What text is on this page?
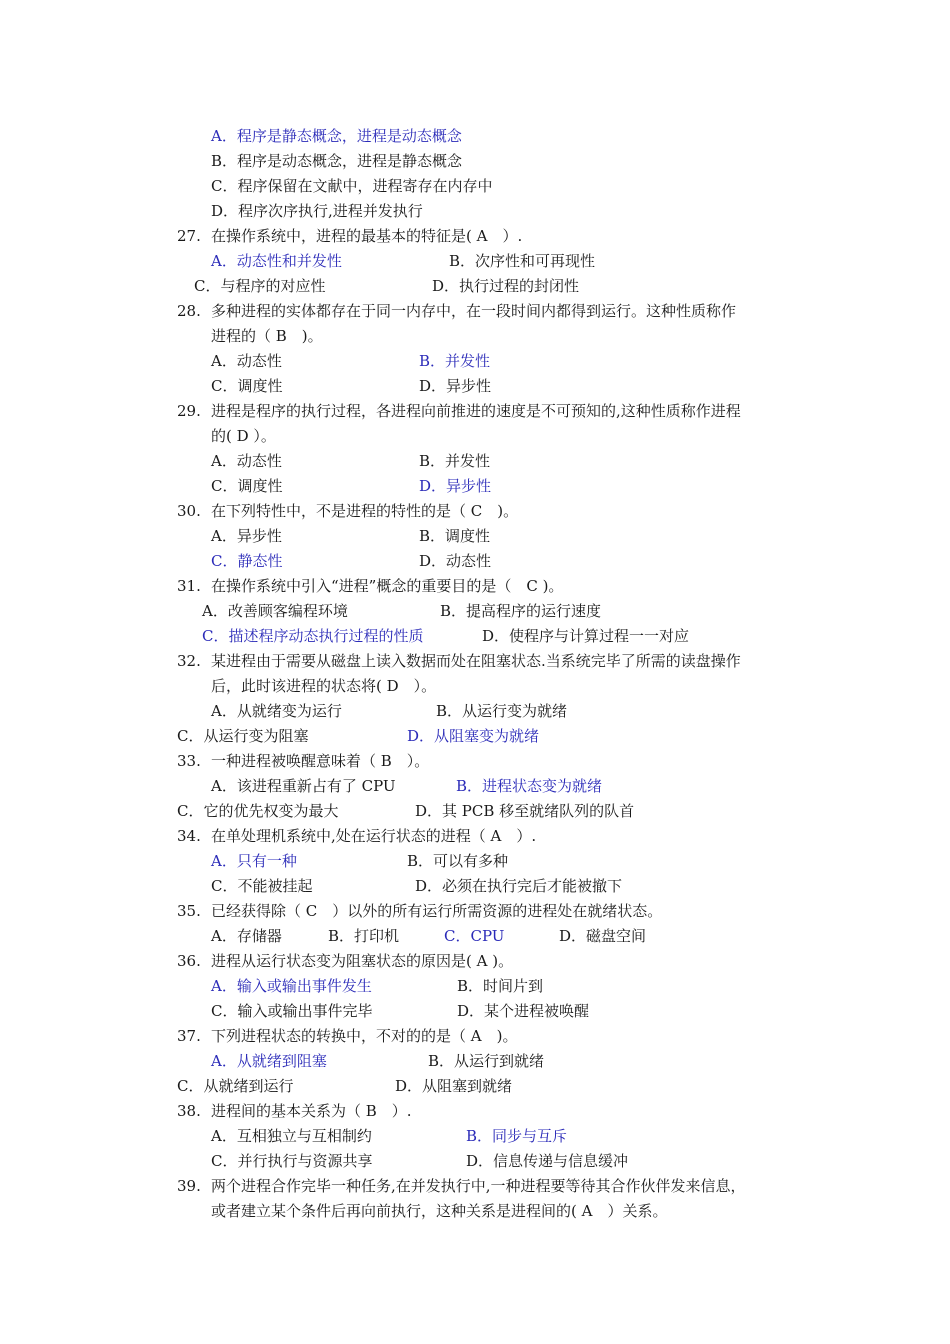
A．程序是静态概念，进程是动态概念
B．程序是动态概念，进程是静态概念
C．程序保留在文献中，进程寄存在内存中
D．程序次序执行,进程并发执行
27. 在操作系统中，进程的最基本的特征是( A　）.
A．动态性和并发性	B．次序性和可再现性
C．与程序的对应性	D．执行过程的封闭性
28. 多种进程的实体都存在于同一内存中，在一段时间内都得到运行。这种性质称作
进程的（ B　)。
A．动态性	B．并发性
C．调度性	D．异步性
29. 进程是程序的执行过程，各进程向前推进的速度是不可预知的,这种性质称作进程
的( D ）。
A．动态性	B．并发性
C．调度性	D．异步性
30. 在下列特性中，不是进程的特性的是（ C　)。
A．异步性	B．调度性
C．静态性	D．动态性
31. 在操作系统中引入“进程”概念的重要目的是（　C )。
A．改善顾客编程环境	B．提高程序的运行速度
C．描述程序动态执行过程的性质	D．使程序与计算过程一一对应
32. 某进程由于需要从磁盘上读入数据而处在阻塞状态.当系统完毕了所需的读盘操作
后，此时该进程的状态将( D　）。
A．从就绪变为运行	B．从运行变为就绪
C．从运行变为阻塞	D．从阻塞变为就绪
33. 一种进程被唤醒意味着（ B　）。
A．该进程重新占有了 CPU	B．进程状态变为就绪
C．它的优先权变为最大	D．其 PCB 移至就绪队列的队首
34. 在单处理机系统中,处在运行状态的进程（ A　）.
A．只有一种	B．可以有多种
C．不能被挂起	D．必须在执行完后才能被撤下
35. 已经获得除（ C　）以外的所有运行所需资源的进程处在就绪状态。
A．存储器	B．打印机	C．CPU	D．磁盘空间
36. 进程从运行状态变为阻塞状态的原因是( A )。
A．输入或输出事件发生	B．时间片到
C．输入或输出事件完毕	D．某个进程被唤醒
37. 下列进程状态的转换中，不对的的是（ A　)。
A．从就绪到阻塞	B．从运行到就绪
C．从就绪到运行	D．从阻塞到就绪
38. 进程间的基本关系为（ B　）.
A．互相独立与互相制约	B．同步与互斥
C．并行执行与资源共享	D．信息传递与信息缓冲
39. 两个进程合作完毕一种任务,在并发执行中,一种进程要等待其合作伙伴发来信息，
或者建立某个条件后再向前执行，这种关系是进程间的( A　）关系。
